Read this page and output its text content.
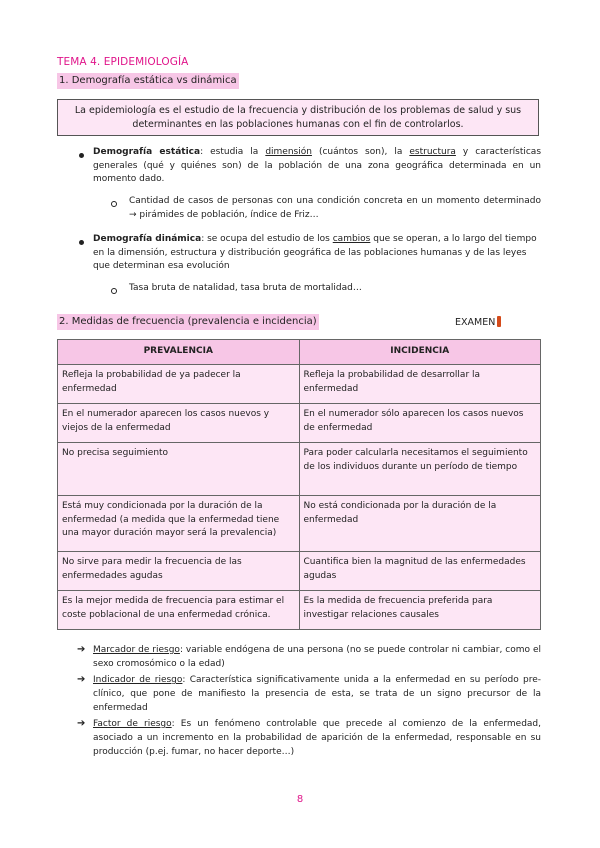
TEMA 4. EPIDEMIOLOGÍA
1. Demografía estática vs dinámica
La epidemiología es el estudio de la frecuencia y distribución de los problemas de salud y sus
determinantes en las poblaciones humanas con el fin de controlarlos.
Demografía estática: estudia la dimensión (cuántos son), la estructura y características generales (qué y quiénes son) de la población de una zona geográfica determinada en un momento dado.
Cantidad de casos de personas con una condición concreta en un momento determinado → pirámides de población, índice de Friz…
Demografía dinámica: se ocupa del estudio de los cambios que se operan, a lo largo del tiempo en la dimensión, estructura y distribución geográfica de las poblaciones humanas y de las leyes que determinan esa evolución
Tasa bruta de natalidad, tasa bruta de mortalidad…
2. Medidas de frecuencia (prevalencia e incidencia)	EXAMEN
PREVALENCIA	INCIDENCIA
Refleja la probabilidad de ya padecer la enfermedad	Refleja la probabilidad de desarrollar la enfermedad
En el numerador aparecen los casos nuevos y viejos de la enfermedad	En el numerador sólo aparecen los casos nuevos de enfermedad
No precisa seguimiento	Para poder calcularla necesitamos el seguimiento de los individuos durante un período de tiempo
Está muy condicionada por la duración de la enfermedad (a medida que la enfermedad tiene una mayor duración mayor será la prevalencia)	No está condicionada por la duración de la enfermedad
No sirve para medir la frecuencia de las enfermedades agudas	Cuantifica bien la magnitud de las enfermedades agudas
Es la mejor medida de frecuencia para estimar el coste poblacional de una enfermedad crónica.	Es la medida de frecuencia preferida para investigar relaciones causales
➔ Marcador de riesgo: variable endógena de una persona (no se puede controlar ni cambiar, como el sexo cromosómico o la edad)
➔ Indicador de riesgo: Característica significativamente unida a la enfermedad en su período pre-clínico, que pone de manifiesto la presencia de esta, se trata de un signo precursor de la enfermedad
➔ Factor de riesgo: Es un fenómeno controlable que precede al comienzo de la enfermedad, asociado a un incremento en la probabilidad de aparición de la enfermedad, responsable en su producción (p.ej. fumar, no hacer deporte…)
8
